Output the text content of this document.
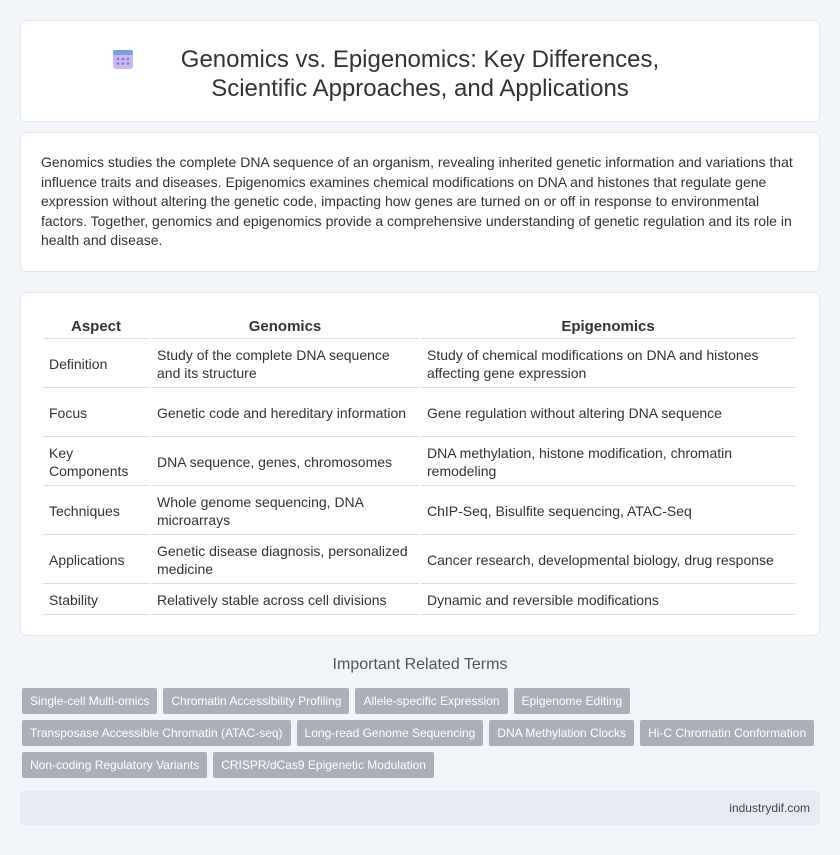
Genomics vs. Epigenomics: Key Differences, Scientific Approaches, and Applications

Genomics studies the complete DNA sequence of an organism, revealing inherited genetic information and variations that influence traits and diseases. Epigenomics examines chemical modifications on DNA and histones that regulate gene expression without altering the genetic code, impacting how genes are turned on or off in response to environmental factors. Together, genomics and epigenomics provide a comprehensive understanding of genetic regulation and its role in health and disease.

Aspect	Genomics	Epigenomics
Definition	Study of the complete DNA sequence and its structure	Study of chemical modifications on DNA and histones affecting gene expression
Focus	Genetic code and hereditary information	Gene regulation without altering DNA sequence
Key Components	DNA sequence, genes, chromosomes	DNA methylation, histone modification, chromatin remodeling
Techniques	Whole genome sequencing, DNA microarrays	ChIP-Seq, Bisulfite sequencing, ATAC-Seq
Applications	Genetic disease diagnosis, personalized medicine	Cancer research, developmental biology, drug response
Stability	Relatively stable across cell divisions	Dynamic and reversible modifications
Important Related Terms
Single-cell Multi-omics	Chromatin Accessibility Profiling	Allele-specific Expression	Epigenome Editing
Transposase Accessible Chromatin (ATAC-seq)	Long-read Genome Sequencing	DNA Methylation Clocks	Hi-C Chromatin Conformation
Non-coding Regulatory Variants	CRISPR/dCas9 Epigenetic Modulation
industrydif.com
